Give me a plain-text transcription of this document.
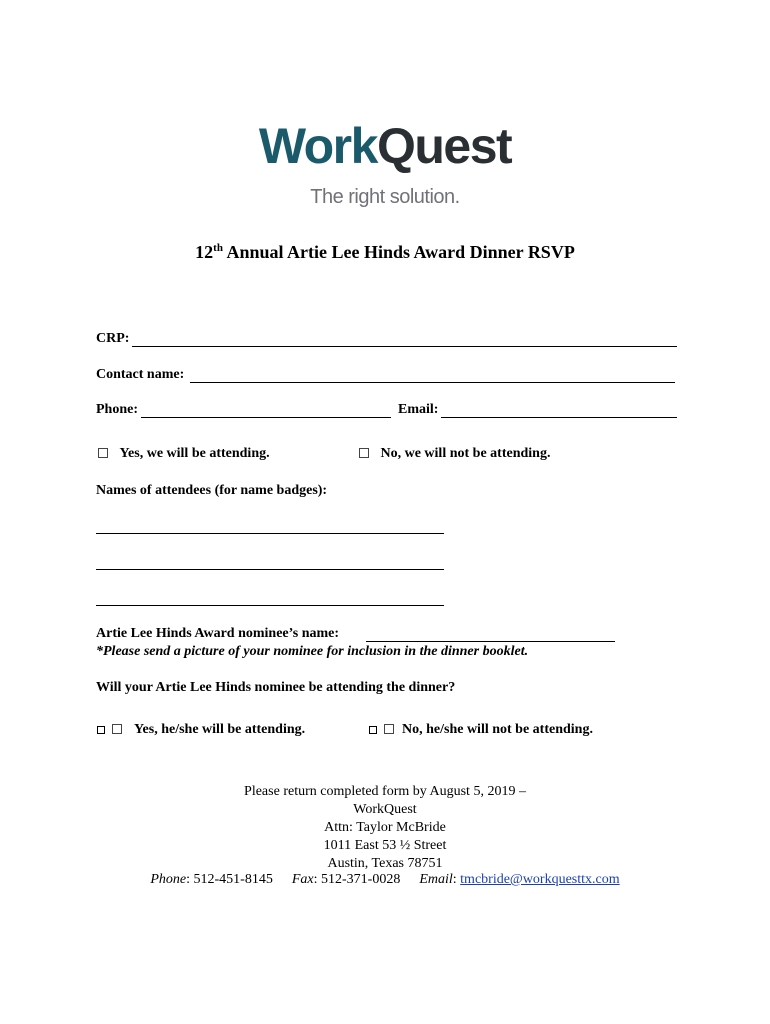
WorkQuest
The right solution.
12th Annual Artie Lee Hinds Award Dinner RSVP
CRP:
Contact name:
Phone:	Email:
Yes, we will be attending.	No, we will not be attending.
Names of attendees (for name badges):
Artie Lee Hinds Award nominee’s name:
*Please send a picture of your nominee for inclusion in the dinner booklet.
Will your Artie Lee Hinds nominee be attending the dinner?
Yes, he/she will be attending.	No, he/she will not be attending.
Please return completed form by August 5, 2019 –
WorkQuest
Attn: Taylor McBride
1011 East 53 ½ Street
Austin, Texas 78751
Phone: 512-451-8145 Fax: 512-371-0028 Email: tmcbride@workquesttx.com
